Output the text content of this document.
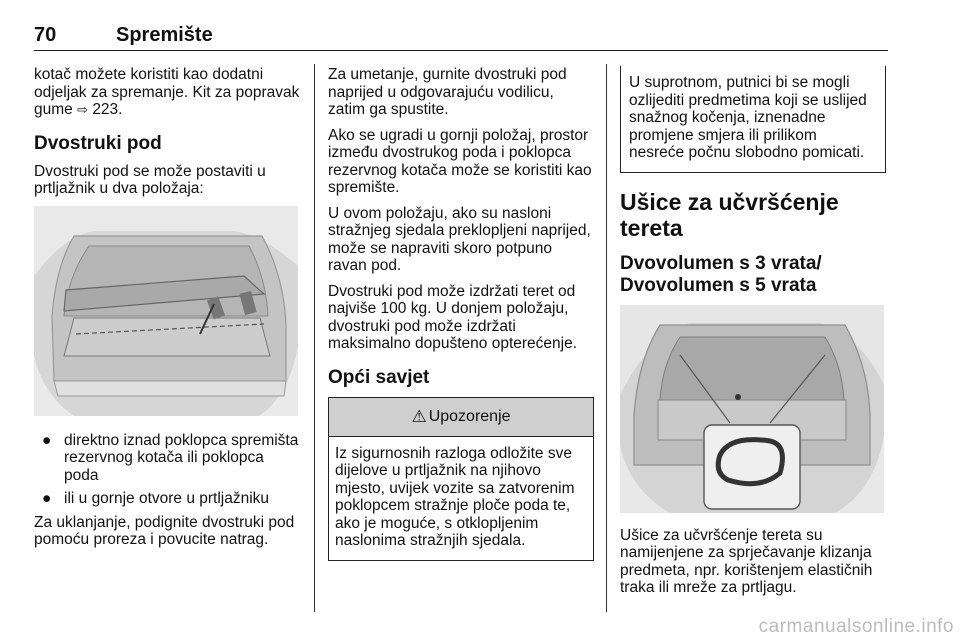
70	Spremište

kotač možete koristiti kao dodatni odjeljak za spremanje. Kit za popravak gume ⇨ 223.

Dvostruki pod

Dvostruki pod se može postaviti u prtljažnik u dva položaja:

● direktno iznad poklopca spremišta rezervnog kotača ili poklopca poda
● ili u gornje otvore u prtljažniku

Za uklanjanje, podignite dvostruki pod pomoću proreza i povucite natrag.

Za umetanje, gurnite dvostruki pod naprijed u odgovarajuću vodilicu, zatim ga spustite.

Ako se ugradi u gornji položaj, prostor između dvostrukog poda i poklopca rezervnog kotača može se koristiti kao spremište.

U ovom položaju, ako su nasloni stražnjeg sjedala preklopljeni naprijed, može se napraviti skoro potpuno ravan pod.

Dvostruki pod može izdržati teret od najviše 100 kg. U donjem položaju, dvostruki pod može izdržati maksimalno dopušteno opterećenje.

Opći savjet
⚠ Upozorenje
Iz sigurnosnih razloga odložite sve dijelove u prtljažnik na njihovo mjesto, uvijek vozite sa zatvorenim poklopcem stražnje ploče poda te, ako je moguće, s otklopljenim naslonima stražnjih sjedala.
U suprotnom, putnici bi se mogli ozlijediti predmetima koji se uslijed snažnog kočenja, iznenadne promjene smjera ili prilikom nesreće počnu slobodno pomicati.
Ušice za učvršćenje tereta
Dvovolumen s 3 vrata/ Dvovolumen s 5 vrata

Ušice za učvršćenje tereta su namijenjene za sprječavanje klizanja predmeta, npr. korištenjem elastičnih traka ili mreže za prtljagu.

carmanualsonline.info
